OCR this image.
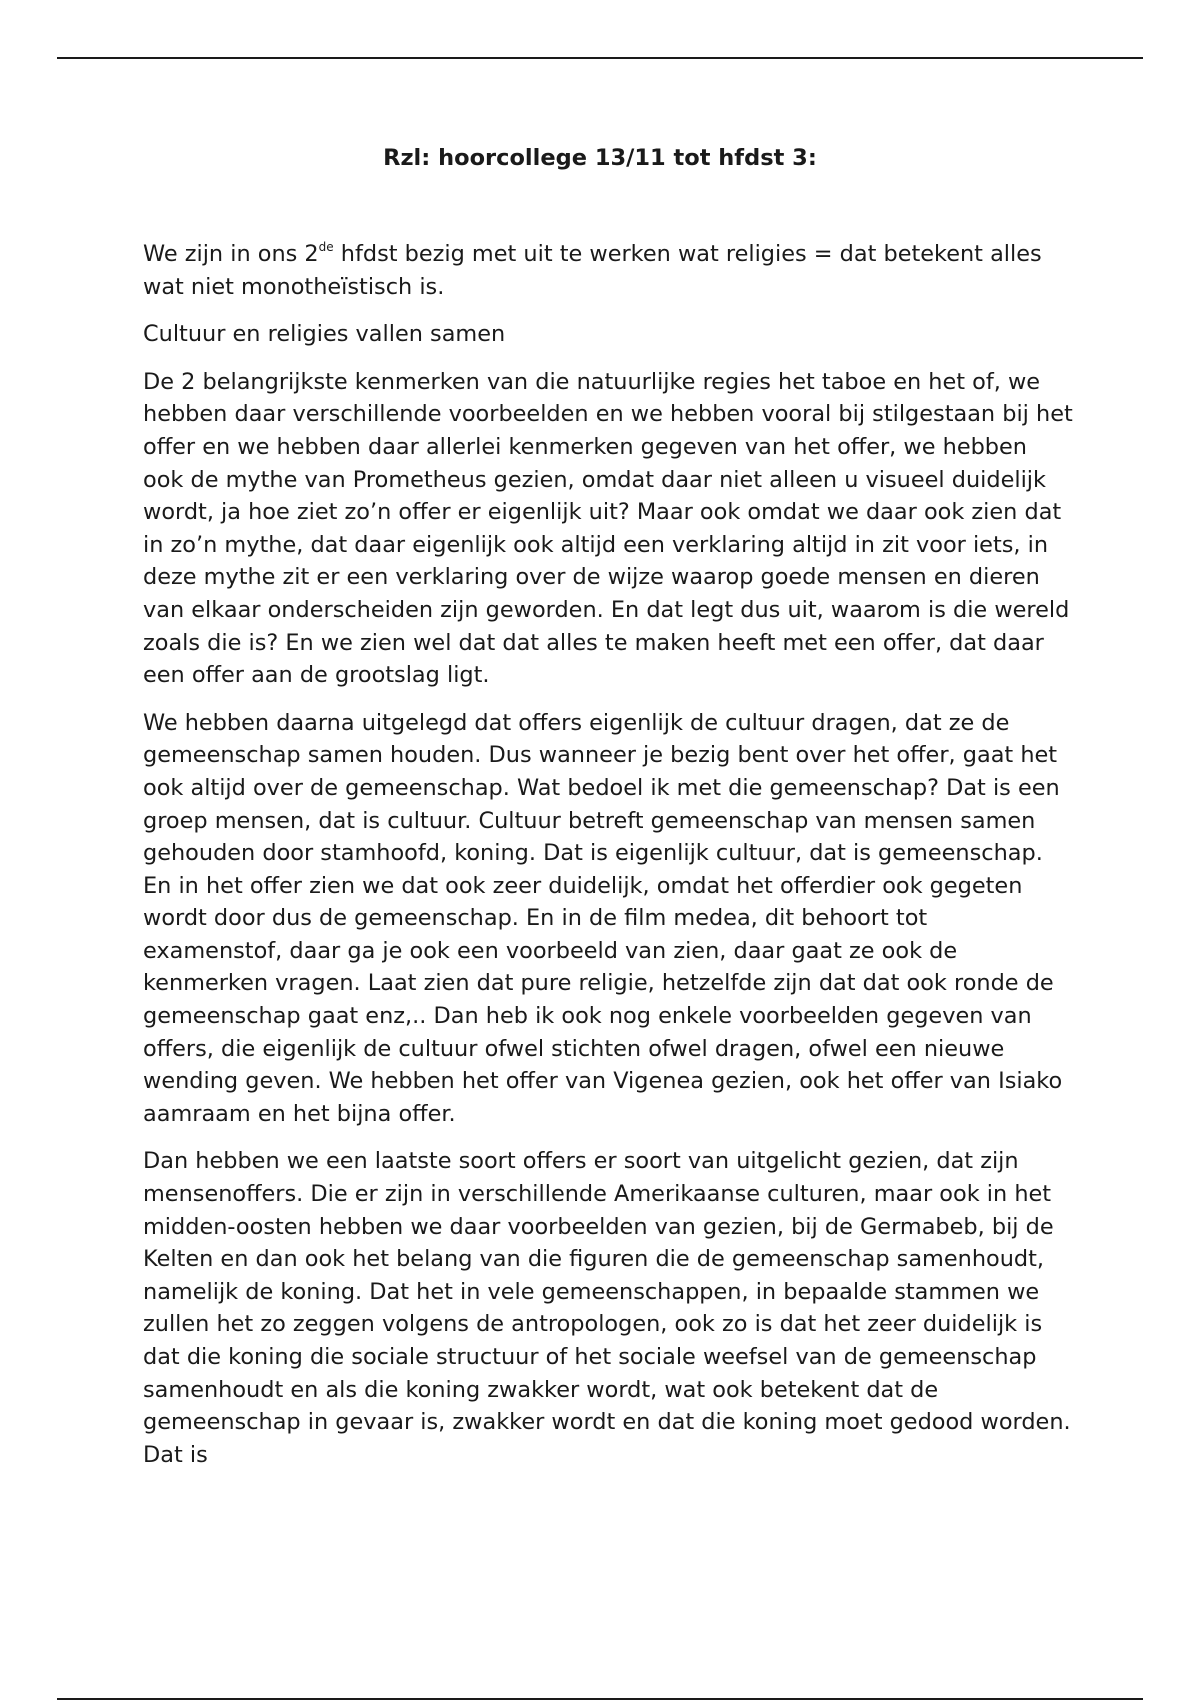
Rzl: hoorcollege 13/11 tot hfdst 3:

We zijn in ons 2de hfdst bezig met uit te werken wat religies = dat betekent alles wat niet monotheïstisch is.

Cultuur en religies vallen samen

De 2 belangrijkste kenmerken van die natuurlijke regies het taboe en het of, we hebben daar verschillende voorbeelden en we hebben vooral bij stilgestaan bij het offer en we hebben daar allerlei kenmerken gegeven van het offer, we hebben ook de mythe van Prometheus gezien, omdat daar niet alleen u visueel duidelijk wordt, ja hoe ziet zo’n offer er eigenlijk uit? Maar ook omdat we daar ook zien dat in zo’n mythe, dat daar eigenlijk ook altijd een verklaring altijd in zit voor iets, in deze mythe zit er een verklaring over de wijze waarop goede mensen en dieren van elkaar onderscheiden zijn geworden. En dat legt dus uit, waarom is die wereld zoals die is? En we zien wel dat dat alles te maken heeft met een offer, dat daar een offer aan de grootslag ligt.

We hebben daarna uitgelegd dat offers eigenlijk de cultuur dragen, dat ze de gemeenschap samen houden. Dus wanneer je bezig bent over het offer, gaat het ook altijd over de gemeenschap. Wat bedoel ik met die gemeenschap? Dat is een groep mensen, dat is cultuur. Cultuur betreft gemeenschap van mensen samen gehouden door stamhoofd, koning. Dat is eigenlijk cultuur, dat is gemeenschap. En in het offer zien we dat ook zeer duidelijk, omdat het offerdier ook gegeten wordt door dus de gemeenschap. En in de film medea, dit behoort tot examenstof, daar ga je ook een voorbeeld van zien, daar gaat ze ook de kenmerken vragen. Laat zien dat pure religie, hetzelfde zijn dat dat ook ronde de gemeenschap gaat enz,.. Dan heb ik ook nog enkele voorbeelden gegeven van offers, die eigenlijk de cultuur ofwel stichten ofwel dragen, ofwel een nieuwe wending geven. We hebben het offer van Vigenea gezien, ook het offer van Isiako aamraam en het bijna offer.

Dan hebben we een laatste soort offers er soort van uitgelicht gezien, dat zijn mensenoffers. Die er zijn in verschillende Amerikaanse culturen, maar ook in het midden-oosten hebben we daar voorbeelden van gezien, bij de Germabeb, bij de Kelten en dan ook het belang van die figuren die de gemeenschap samenhoudt, namelijk de koning. Dat het in vele gemeenschappen, in bepaalde stammen we zullen het zo zeggen volgens de antropologen, ook zo is dat het zeer duidelijk is dat die koning die sociale structuur of het sociale weefsel van de gemeenschap samenhoudt en als die koning zwakker wordt, wat ook betekent dat de gemeenschap in gevaar is, zwakker wordt en dat die koning moet gedood worden. Dat is
